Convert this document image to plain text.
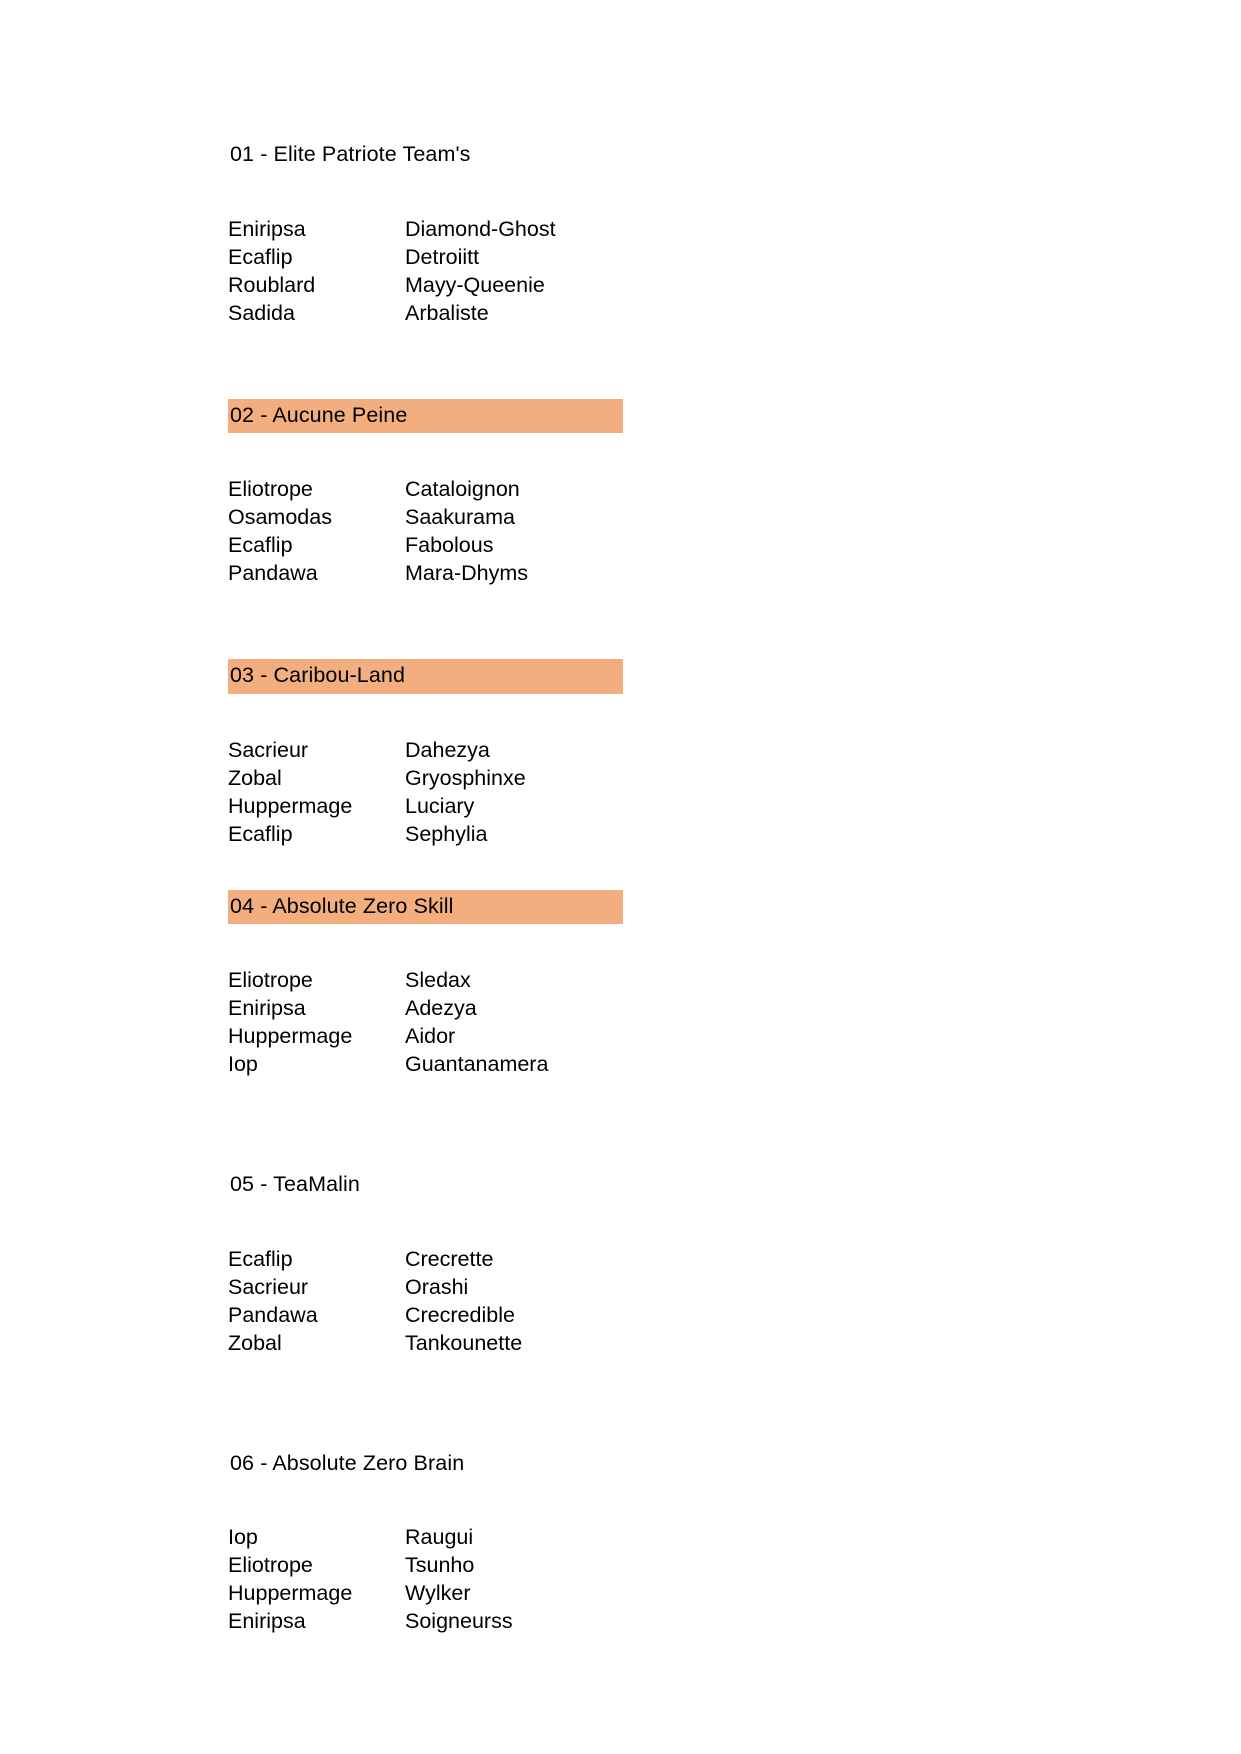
01 - Elite Patriote Team's
Eniripsa	Diamond-Ghost
Ecaflip	Detroiitt
Roublard	Mayy-Queenie
Sadida	Arbaliste
02 - Aucune Peine
Eliotrope	Cataloignon
Osamodas	Saakurama
Ecaflip	Fabolous
Pandawa	Mara-Dhyms
03 - Caribou-Land
Sacrieur	Dahezya
Zobal	Gryosphinxe
Huppermage Luciary
Ecaflip	Sephylia
04 - Absolute Zero Skill
Eliotrope	Sledax
Eniripsa	Adezya
Huppermage Aidor
Iop	Guantanamera
05 - TeaMalin
Ecaflip	Crecrette
Sacrieur	Orashi
Pandawa	Crecredible
Zobal	Tankounette
06 - Absolute Zero Brain
Iop	Raugui
Eliotrope	Tsunho
Huppermage Wylker
Eniripsa	Soigneurss
